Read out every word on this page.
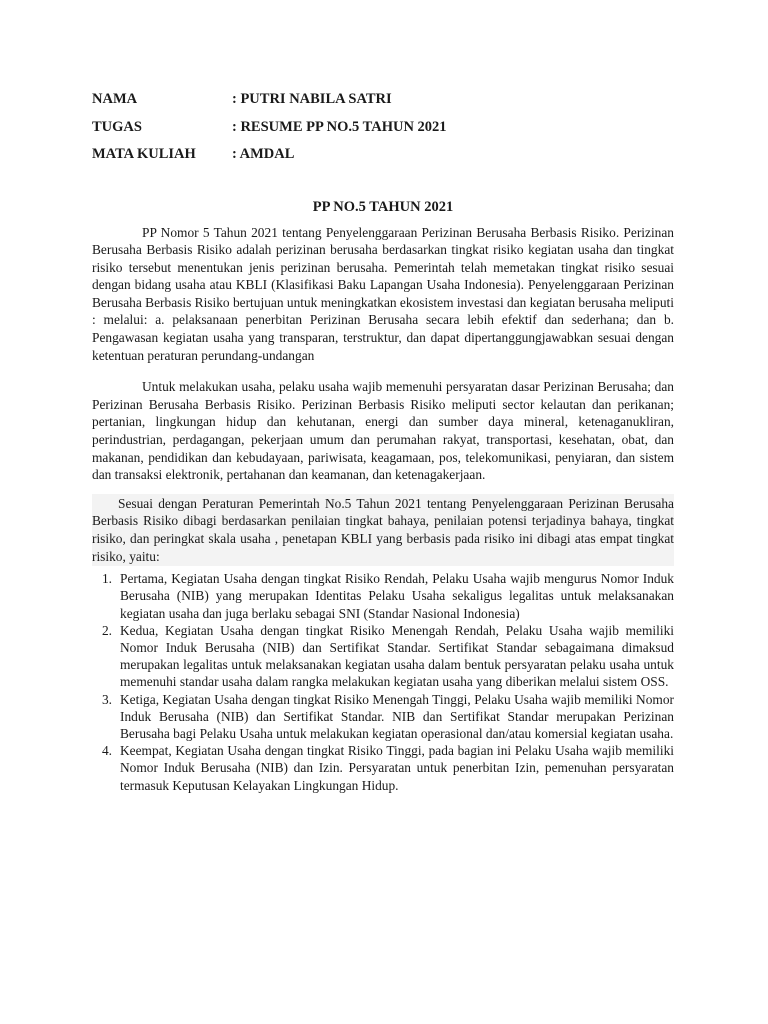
NAMA	: PUTRI NABILA SATRI
TUGAS	: RESUME PP NO.5 TAHUN 2021
MATA KULIAH	: AMDAL
PP NO.5 TAHUN 2021

PP Nomor 5 Tahun 2021 tentang Penyelenggaraan Perizinan Berusaha Berbasis Risiko. Perizinan Berusaha Berbasis Risiko adalah perizinan berusaha berdasarkan tingkat risiko kegiatan usaha dan tingkat risiko tersebut menentukan jenis perizinan berusaha. Pemerintah telah memetakan tingkat risiko sesuai dengan bidang usaha atau KBLI (Klasifikasi Baku Lapangan Usaha Indonesia). Penyelenggaraan Perizinan Berusaha Berbasis Risiko bertujuan untuk meningkatkan ekosistem investasi dan kegiatan berusaha meliputi : melalui: a. pelaksanaan penerbitan Perizinan Berusaha secara lebih efektif dan sederhana; dan b. Pengawasan kegiatan usaha yang transparan, terstruktur, dan dapat dipertanggungjawabkan sesuai dengan ketentuan peraturan perundang-undangan

Untuk melakukan usaha, pelaku usaha wajib memenuhi persyaratan dasar Perizinan Berusaha; dan Perizinan Berusaha Berbasis Risiko. Perizinan Berbasis Risiko meliputi sector kelautan dan perikanan; pertanian, lingkungan hidup dan kehutanan, energi dan sumber daya mineral, ketenaganukliran, perindustrian, perdagangan, pekerjaan umum dan perumahan rakyat, transportasi, kesehatan, obat, dan makanan, pendidikan dan kebudayaan, pariwisata, keagamaan, pos, telekomunikasi, penyiaran, dan sistem dan transaksi elektronik, pertahanan dan keamanan, dan ketenagakerjaan.

Sesuai dengan Peraturan Pemerintah No.5 Tahun 2021 tentang Penyelenggaraan Perizinan Berusaha Berbasis Risiko dibagi berdasarkan penilaian tingkat bahaya, penilaian potensi terjadinya bahaya, tingkat risiko, dan peringkat skala usaha , penetapan KBLI yang berbasis pada risiko ini dibagi atas empat tingkat risiko, yaitu:

1. Pertama, Kegiatan Usaha dengan tingkat Risiko Rendah, Pelaku Usaha wajib mengurus Nomor Induk Berusaha (NIB) yang merupakan Identitas Pelaku Usaha sekaligus legalitas untuk melaksanakan kegiatan usaha dan juga berlaku sebagai SNI (Standar Nasional Indonesia)
2. Kedua, Kegiatan Usaha dengan tingkat Risiko Menengah Rendah, Pelaku Usaha wajib memiliki Nomor Induk Berusaha (NIB) dan Sertifikat Standar. Sertifikat Standar sebagaimana dimaksud merupakan legalitas untuk melaksanakan kegiatan usaha dalam bentuk persyaratan pelaku usaha untuk memenuhi standar usaha dalam rangka melakukan kegiatan usaha yang diberikan melalui sistem OSS.
3. Ketiga, Kegiatan Usaha dengan tingkat Risiko Menengah Tinggi, Pelaku Usaha wajib memiliki Nomor Induk Berusaha (NIB) dan Sertifikat Standar. NIB dan Sertifikat Standar merupakan Perizinan Berusaha bagi Pelaku Usaha untuk melakukan kegiatan operasional dan/atau komersial kegiatan usaha.
4. Keempat, Kegiatan Usaha dengan tingkat Risiko Tinggi, pada bagian ini Pelaku Usaha wajib memiliki Nomor Induk Berusaha (NIB) dan Izin. Persyaratan untuk penerbitan Izin, pemenuhan persyaratan termasuk Keputusan Kelayakan Lingkungan Hidup.
